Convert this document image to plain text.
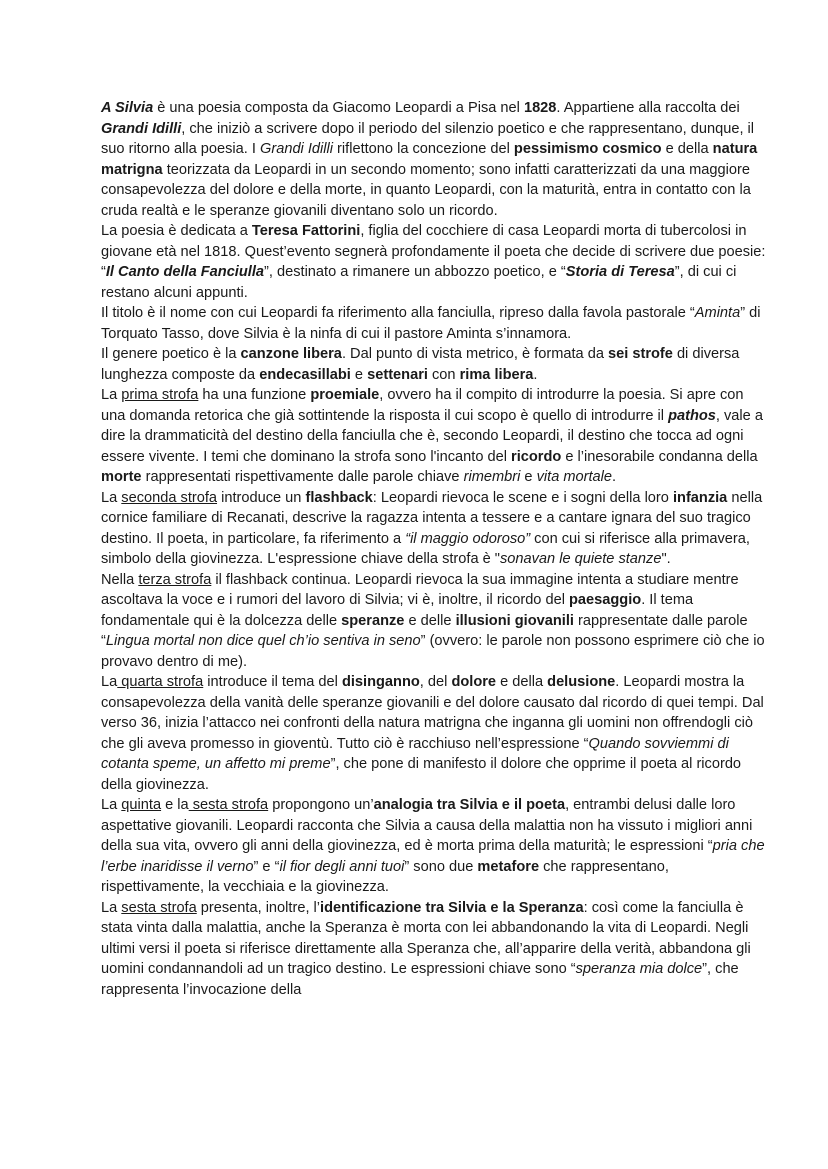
A Silvia è una poesia composta da Giacomo Leopardi a Pisa nel 1828. Appartiene alla raccolta dei Grandi Idilli, che iniziò a scrivere dopo il periodo del silenzio poetico e che rappresentano, dunque, il suo ritorno alla poesia. I Grandi Idilli riflettono la concezione del pessimismo cosmico e della natura matrigna teorizzata da Leopardi in un secondo momento; sono infatti caratterizzati da una maggiore consapevolezza del dolore e della morte, in quanto Leopardi, con la maturità, entra in contatto con la cruda realtà e le speranze giovanili diventano solo un ricordo.
La poesia è dedicata a Teresa Fattorini, figlia del cocchiere di casa Leopardi morta di tubercolosi in giovane età nel 1818. Quest’evento segnerà profondamente il poeta che decide di scrivere due poesie: “Il Canto della Fanciulla”, destinato a rimanere un abbozzo poetico, e “Storia di Teresa”, di cui ci restano alcuni appunti.
Il titolo è il nome con cui Leopardi fa riferimento alla fanciulla, ripreso dalla favola pastorale “Aminta” di Torquato Tasso, dove Silvia è la ninfa di cui il pastore Aminta s’innamora.
Il genere poetico è la canzone libera. Dal punto di vista metrico, è formata da sei strofe di diversa lunghezza composte da endecasillabi e settenari con rima libera.
La prima strofa ha una funzione proemiale, ovvero ha il compito di introdurre la poesia. Si apre con una domanda retorica che già sottintende la risposta il cui scopo è quello di introdurre il pathos, vale a dire la drammaticità del destino della fanciulla che è, secondo Leopardi, il destino che tocca ad ogni essere vivente. I temi che dominano la strofa sono l'incanto del ricordo e l’inesorabile condanna della morte rappresentati rispettivamente dalle parole chiave rimembri e vita mortale.
La seconda strofa introduce un flashback: Leopardi rievoca le scene e i sogni della loro infanzia nella cornice familiare di Recanati, descrive la ragazza intenta a tessere e a cantare ignara del suo tragico destino. Il poeta, in particolare, fa riferimento a “il maggio odoroso” con cui si riferisce alla primavera, simbolo della giovinezza. L'espressione chiave della strofa è "sonavan le quiete stanze".
Nella terza strofa il flashback continua. Leopardi rievoca la sua immagine intenta a studiare mentre ascoltava la voce e i rumori del lavoro di Silvia; vi è, inoltre, il ricordo del paesaggio. Il tema fondamentale qui è la dolcezza delle speranze e delle illusioni giovanili rappresentate dalle parole “Lingua mortal non dice quel ch’io sentiva in seno” (ovvero: le parole non possono esprimere ciò che io provavo dentro di me).
La quarta strofa introduce il tema del disinganno, del dolore e della delusione. Leopardi mostra la consapevolezza della vanità delle speranze giovanili e del dolore causato dal ricordo di quei tempi. Dal verso 36, inizia l’attacco nei confronti della natura matrigna che inganna gli uomini non offrendogli ciò che gli aveva promesso in gioventù. Tutto ciò è racchiuso nell’espressione “Quando sovviemmi di cotanta speme, un affetto mi preme”, che pone di manifesto il dolore che opprime il poeta al ricordo della giovinezza.
La quinta e la sesta strofa propongono un’analogia tra Silvia e il poeta, entrambi delusi dalle loro aspettative giovanili. Leopardi racconta che Silvia a causa della malattia non ha vissuto i migliori anni della sua vita, ovvero gli anni della giovinezza, ed è morta prima della maturità; le espressioni “pria che l’erbe inaridisse il verno” e “il fior degli anni tuoi” sono due metafore che rappresentano, rispettivamente, la vecchiaia e la giovinezza.
La sesta strofa presenta, inoltre, l’identificazione tra Silvia e la Speranza: così come la fanciulla è stata vinta dalla malattia, anche la Speranza è morta con lei abbandonando la vita di Leopardi. Negli ultimi versi il poeta si riferisce direttamente alla Speranza che, all’apparire della verità, abbandona gli uomini condannandoli ad un tragico destino. Le espressioni chiave sono “speranza mia dolce”, che rappresenta l’invocazione della
